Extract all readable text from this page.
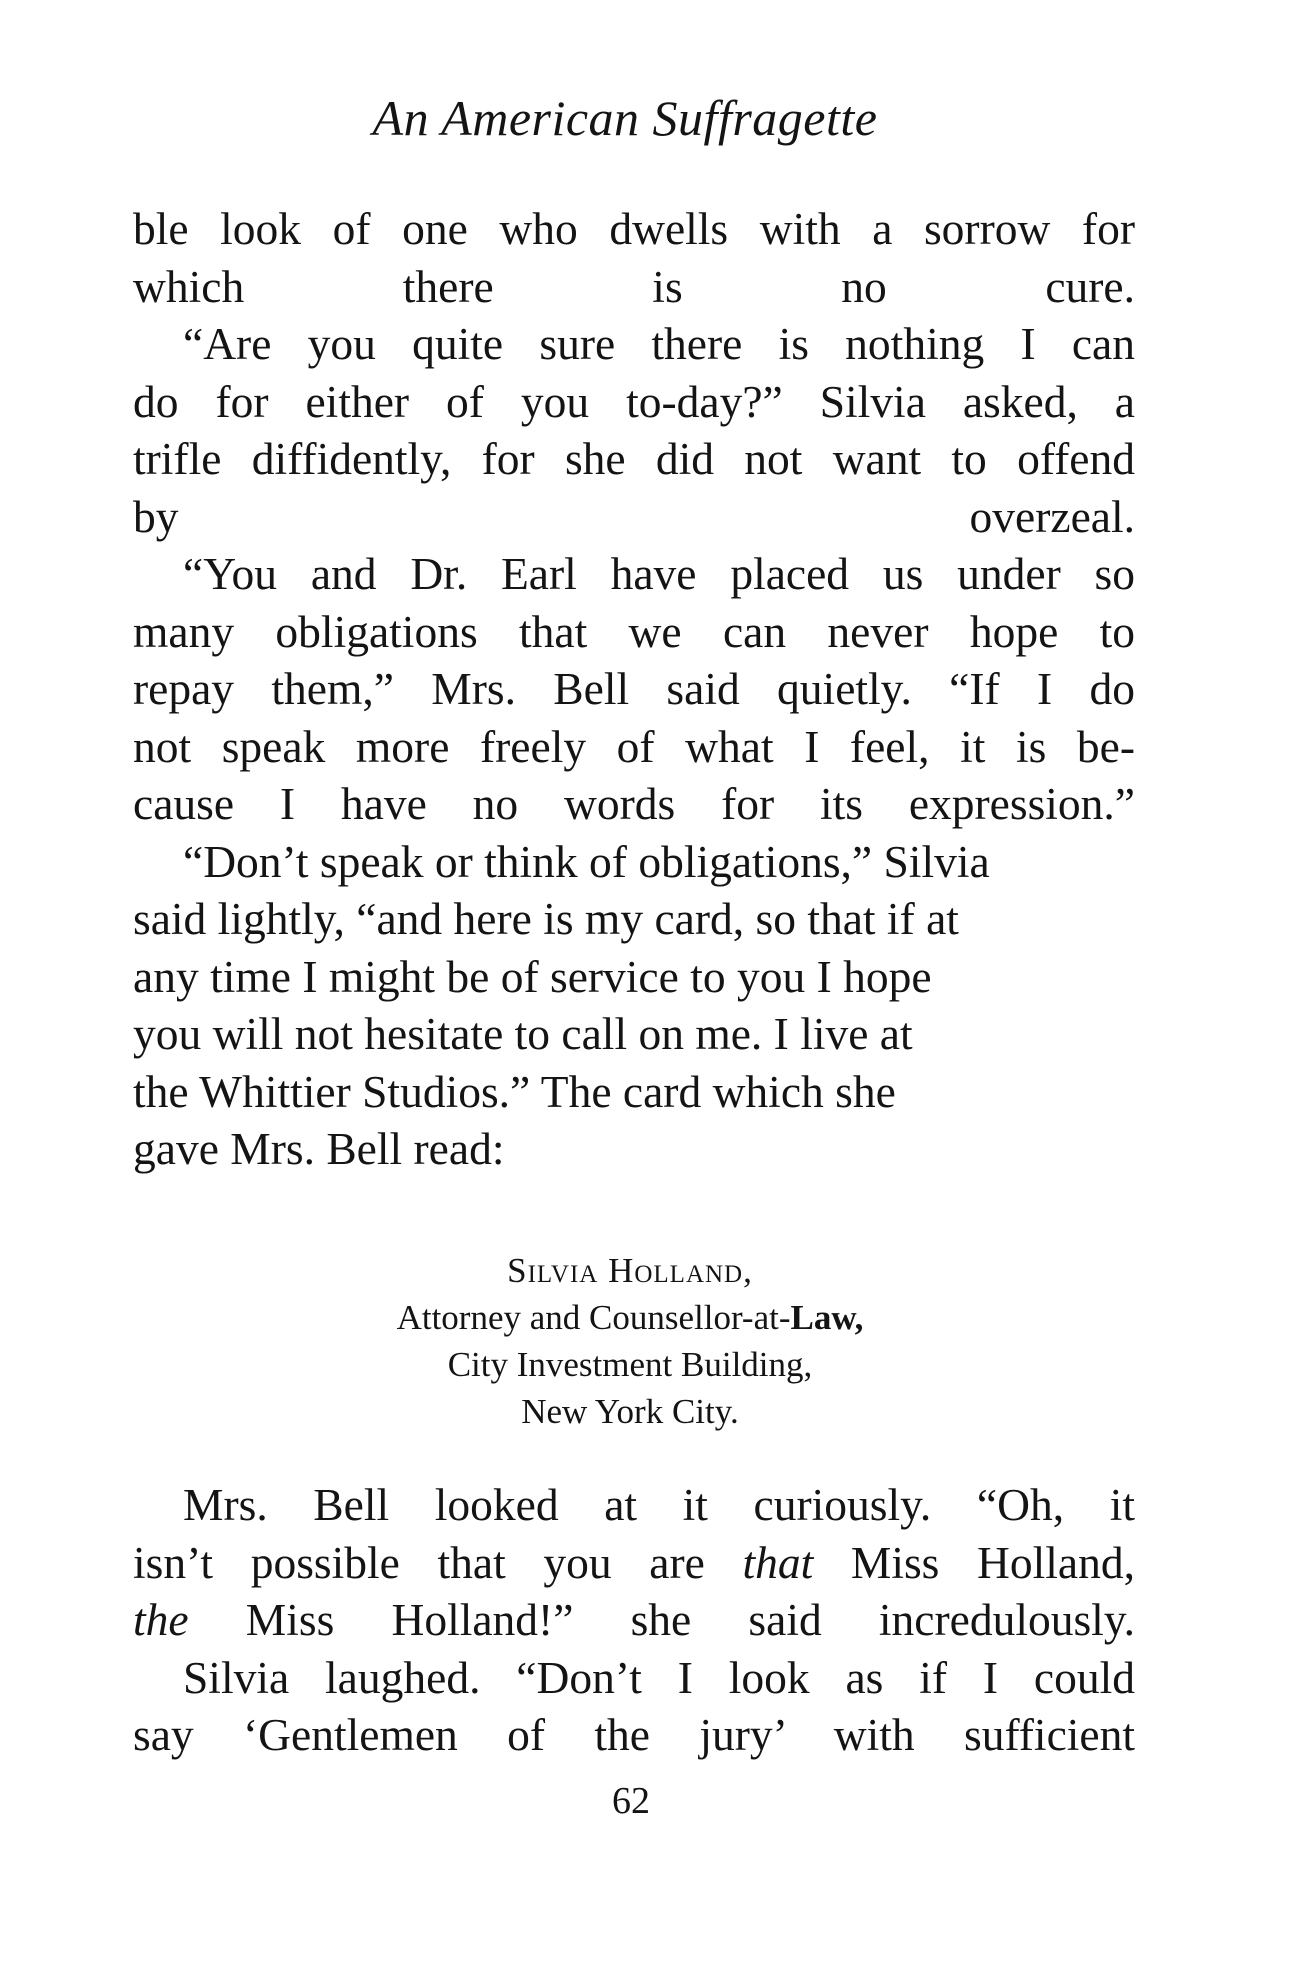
An American Suffragette

ble look of one who dwells with a sorrow for
which there is no cure.

“Are you quite sure there is nothing I can
do for either of you to-day?” Silvia asked, a
trifle diffidently, for she did not want to offend
by overzeal.

“You and Dr. Earl have placed us under so
many obligations that we can never hope to
repay them,” Mrs. Bell said quietly. “If I do
not speak more freely of what I feel, it is be-
cause I have no words for its expression.”

“Don’t speak or think of obligations,” Silvia
said lightly, “and here is my card, so that if at
any time I might be of service to you I hope
you will not hesitate to call on me. I live at
the Whittier Studios.” The card which she
gave Mrs. Bell read:

Silvia Holland,
Attorney and Counsellor-at-Law,
City Investment Building,
New York City.

Mrs. Bell looked at it curiously. “Oh, it
isn’t possible that you are that Miss Holland,
the Miss Holland!” she said incredulously.

Silvia laughed. “Don’t I look as if I could
say ‘Gentlemen of the jury’ with sufficient

62
